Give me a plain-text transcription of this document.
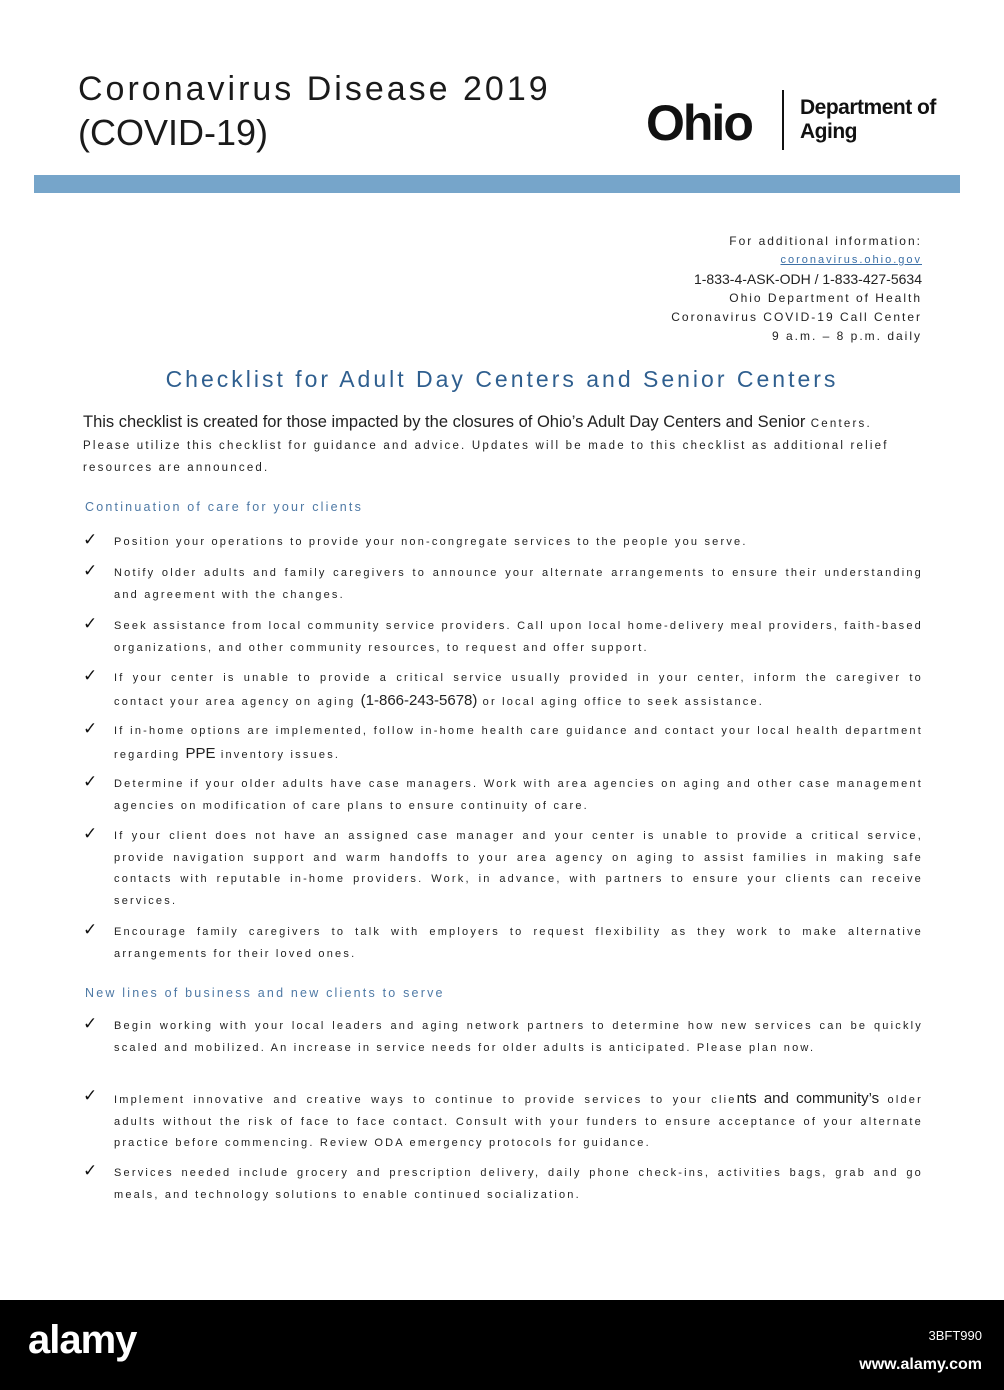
Coronavirus Disease 2019
(COVID-19)	Ohio Department of
Aging
For additional information:
coronavirus.ohio.gov
1-833-4-ASK-ODH / 1-833-427-5634
Ohio Department of Health
Coronavirus COVID-19 Call Center
9 a.m. – 8 p.m. daily
Checklist for Adult Day Centers and Senior Centers
This checklist is created for those impacted by the closures of Ohio’s Adult Day Centers and Senior Centers. Please utilize this checklist for guidance and advice. Updates will be made to this checklist as additional relief resources are announced.
Continuation of care for your clients
✓ Position your operations to provide your non-congregate services to the people you serve.
✓ Notify older adults and family caregivers to announce your alternate arrangements to ensure their understanding and agreement with the changes.
✓ Seek assistance from local community service providers. Call upon local home-delivery meal providers, faith-based organizations, and other community resources, to request and offer support.
✓ If your center is unable to provide a critical service usually provided in your center, inform the caregiver to contact your area agency on aging (1-866-243-5678) or local aging office to seek assistance.
✓ If in-home options are implemented, follow in-home health care guidance and contact your local health department regarding PPE inventory issues.
✓ Determine if your older adults have case managers. Work with area agencies on aging and other case management agencies on modification of care plans to ensure continuity of care.
✓ If your client does not have an assigned case manager and your center is unable to provide a critical service, provide navigation support and warm handoffs to your area agency on aging to assist families in making safe contacts with reputable in-home providers. Work, in advance, with partners to ensure your clients can receive services.
✓ Encourage family caregivers to talk with employers to request flexibility as they work to make alternative arrangements for their loved ones.
New lines of business and new clients to serve
✓ Begin working with your local leaders and aging network partners to determine how new services can be quickly scaled and mobilized. An increase in service needs for older adults is anticipated. Please plan now.
✓ Implement innovative and creative ways to continue to provide services to your clients and community’s older adults without the risk of face to face contact. Consult with your funders to ensure acceptance of your alternate practice before commencing. Review ODA emergency protocols for guidance.
✓ Services needed include grocery and prescription delivery, daily phone check-ins, activities bags, grab and go meals, and technology solutions to enable continued socialization.
alamy	3BFT990
www.alamy.com
